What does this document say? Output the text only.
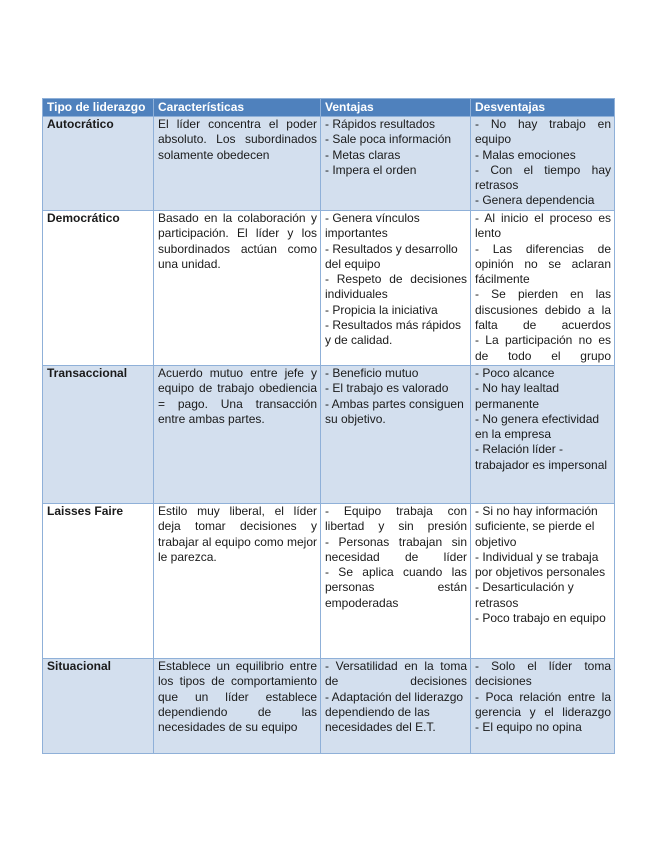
Tipo de liderazgo	Características	Ventajas	Desventajas
Autocrático	El líder concentra el poder absoluto. Los subordinados solamente obedecen	- Rápidos resultados
- Sale poca información
- Metas claras
- Impera el orden	- No hay trabajo en equipo
- Malas emociones
- Con el tiempo hay retrasos
- Genera dependencia

Democrático	Basado en la colaboración y participación. El líder y los subordinados actúan como una unidad.	- Genera vínculos importantes
- Resultados y desarrollo del equipo
- Respeto de decisiones individuales
- Propicia la iniciativa
- Resultados más rápidos y de calidad.	- Al inicio el proceso es lento
- Las diferencias de opinión no se aclaran fácilmente
- Se pierden en las discusiones debido a la falta de acuerdos
- La participación no es de todo el grupo

Transaccional	Acuerdo mutuo entre jefe y equipo de trabajo obediencia = pago. Una transacción entre ambas partes.	- Beneficio mutuo
- El trabajo es valorado
- Ambas partes consiguen su objetivo.	- Poco alcance
- No hay lealtad permanente
- No genera efectividad en la empresa
- Relación líder - trabajador es impersonal

Laisses Faire	Estilo muy liberal, el líder deja tomar decisiones y trabajar al equipo como mejor le parezca.	- Equipo trabaja con libertad y sin presión
- Personas trabajan sin necesidad de líder
- Se aplica cuando las personas están empoderadas	- Si no hay información suficiente, se pierde el objetivo
- Individual y se trabaja por objetivos personales
- Desarticulación y retrasos
- Poco trabajo en equipo

Situacional	Establece un equilibrio entre los tipos de comportamiento que un líder establece dependiendo de las necesidades de su equipo	- Versatilidad en la toma de decisiones
- Adaptación del liderazgo dependiendo de las necesidades del E.T.	- Solo el líder toma decisiones
- Poca relación entre la gerencia y el liderazgo
- El equipo no opina
